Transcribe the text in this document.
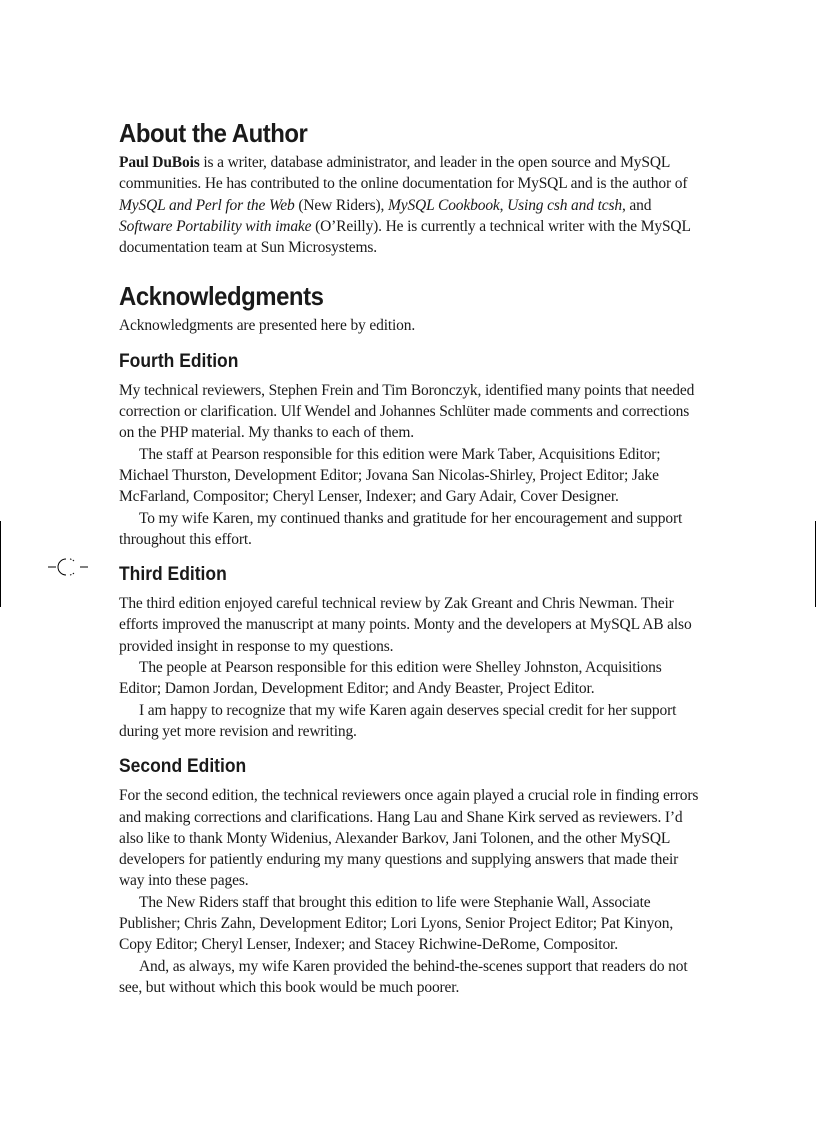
About the Author

Paul DuBois is a writer, database administrator, and leader in the open source and MySQL communities. He has contributed to the online documentation for MySQL and is the author of MySQL and Perl for the Web (New Riders), MySQL Cookbook, Using csh and tcsh, and Software Portability with imake (O’Reilly). He is currently a technical writer with the MySQL documentation team at Sun Microsystems.

Acknowledgments

Acknowledgments are presented here by edition.

Fourth Edition

My technical reviewers, Stephen Frein and Tim Boronczyk, identified many points that needed correction or clarification. Ulf Wendel and Johannes Schlüter made comments and corrections on the PHP material. My thanks to each of them.

The staff at Pearson responsible for this edition were Mark Taber, Acquisitions Editor; Michael Thurston, Development Editor; Jovana San Nicolas-Shirley, Project Editor; Jake McFarland, Compositor; Cheryl Lenser, Indexer; and Gary Adair, Cover Designer.

To my wife Karen, my continued thanks and gratitude for her encouragement and support throughout this effort.

Third Edition

The third edition enjoyed careful technical review by Zak Greant and Chris Newman. Their efforts improved the manuscript at many points. Monty and the developers at MySQL AB also provided insight in response to my questions.

The people at Pearson responsible for this edition were Shelley Johnston, Acquisitions Editor; Damon Jordan, Development Editor; and Andy Beaster, Project Editor.

I am happy to recognize that my wife Karen again deserves special credit for her support during yet more revision and rewriting.

Second Edition

For the second edition, the technical reviewers once again played a crucial role in finding errors and making corrections and clarifications. Hang Lau and Shane Kirk served as reviewers. I’d also like to thank Monty Widenius, Alexander Barkov, Jani Tolonen, and the other MySQL developers for patiently enduring my many questions and supplying answers that made their way into these pages.

The New Riders staff that brought this edition to life were Stephanie Wall, Associate Publisher; Chris Zahn, Development Editor; Lori Lyons, Senior Project Editor; Pat Kinyon, Copy Editor; Cheryl Lenser, Indexer; and Stacey Richwine-DeRome, Compositor.

And, as always, my wife Karen provided the behind-the-scenes support that readers do not see, but without which this book would be much poorer.
